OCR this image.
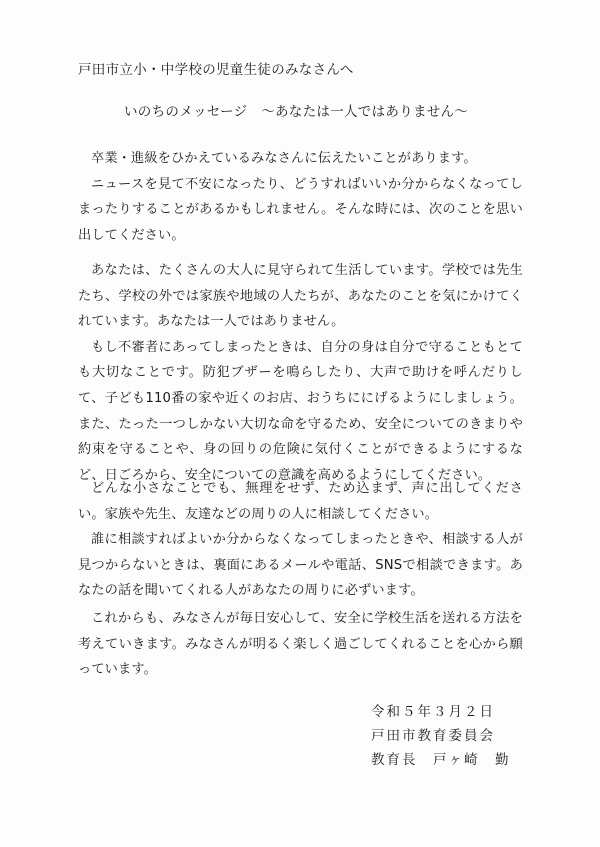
戸田市立小・中学校の児童生徒のみなさんへ
いのちのメッセージ　～あなたは一人ではありません～
卒業・進級をひかえているみなさんに伝えたいことがあります。
ニュースを見て不安になったり、どうすればいいか分からなくなってしまったりすることがあるかもしれません。そんな時には、次のことを思い出してください。
あなたは、たくさんの大人に見守られて生活しています。学校では先生たち、学校の外では家族や地域の人たちが、あなたのことを気にかけてくれています。あなたは一人ではありません。
もし不審者にあってしまったときは、自分の身は自分で守ることもとても大切なことです。防犯ブザーを鳴らしたり、大声で助けを呼んだりして、子ども110番の家や近くのお店、おうちににげるようにしましょう。また、たった一つしかない大切な命を守るため、安全についてのきまりや約束を守ることや、身の回りの危険に気付くことができるようにするなど、日ごろから、安全についての意識を高めるようにしてください。
どんな小さなことでも、無理をせず、ため込まず、声に出してください。家族や先生、友達などの周りの人に相談してください。
誰に相談すればよいか分からなくなってしまったときや、相談する人が見つからないときは、裏面にあるメールや電話、SNSで相談できます。あなたの話を聞いてくれる人があなたの周りに必ずいます。
これからも、みなさんが毎日安心して、安全に学校生活を送れる方法を考えていきます。みなさんが明るく楽しく過ごしてくれることを心から願っています。
令和５年３月２日
戸田市教育委員会
教育長　戸ヶ崎　勤
